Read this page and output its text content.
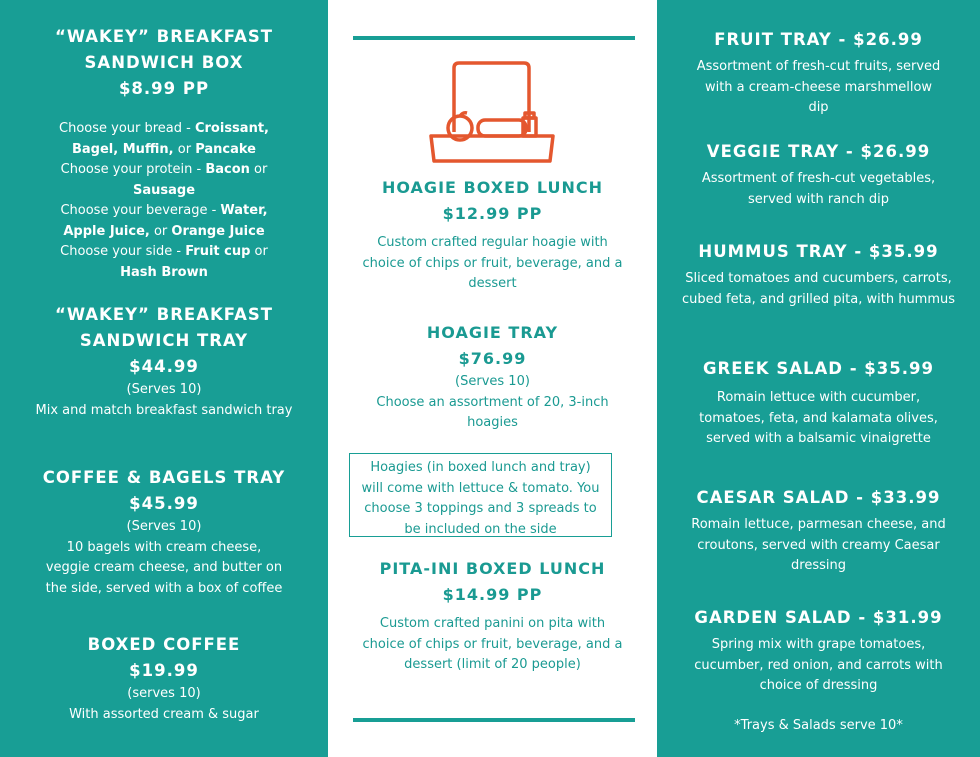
“WAKEY” BREAKFAST
SANDWICH BOX
$8.99 PP
Choose your bread - Croissant,
Bagel, Muffin, or Pancake
Choose your protein - Bacon or
Sausage
Choose your beverage - Water,
Apple Juice, or Orange Juice
Choose your side - Fruit cup or
Hash Brown
“WAKEY” BREAKFAST
SANDWICH TRAY
$44.99
(Serves 10)
Mix and match breakfast sandwich tray
COFFEE & BAGELS TRAY
$45.99
(Serves 10)
10 bagels with cream cheese, veggie cream cheese, and butter on the side, served with a box of coffee
BOXED COFFEE
$19.99
(serves 10)
With assorted cream & sugar
HOAGIE BOXED LUNCH
$12.99 PP
Custom crafted regular hoagie with choice of chips or fruit, beverage, and a dessert
HOAGIE TRAY
$76.99
(Serves 10)
Choose an assortment of 20, 3-inch hoagies
Hoagies (in boxed lunch and tray) will come with lettuce & tomato. You choose 3 toppings and 3 spreads to be included on the side
PITA-INI BOXED LUNCH
$14.99 PP
Custom crafted panini on pita with choice of chips or fruit, beverage, and a dessert (limit of 20 people)
FRUIT TRAY - $26.99
Assortment of fresh-cut fruits, served with a cream-cheese marshmellow dip
VEGGIE TRAY - $26.99
Assortment of fresh-cut vegetables, served with ranch dip
HUMMUS TRAY - $35.99
Sliced tomatoes and cucumbers, carrots, cubed feta, and grilled pita, with hummus
GREEK SALAD - $35.99
Romain lettuce with cucumber, tomatoes, feta, and kalamata olives, served with a balsamic vinaigrette
CAESAR SALAD - $33.99
Romain lettuce, parmesan cheese, and croutons, served with creamy Caesar dressing
GARDEN SALAD - $31.99
Spring mix with grape tomatoes, cucumber, red onion, and carrots with choice of dressing
*Trays & Salads serve 10*
